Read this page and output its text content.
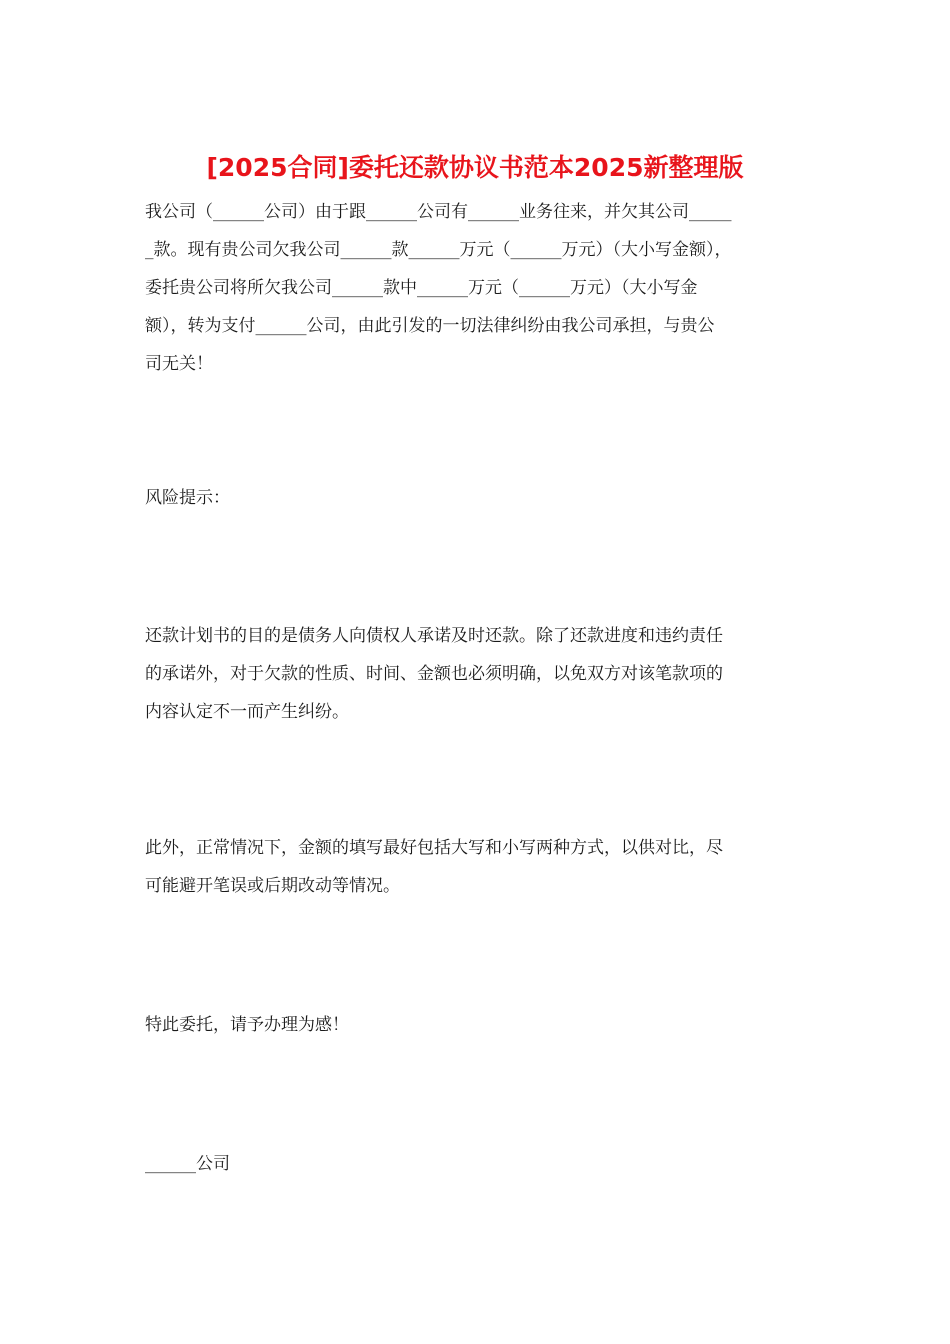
[2025合同]委托还款协议书范本2025新整理版

我公司（______公司）由于跟______公司有______业务往来，并欠其公司_____
_款。现有贵公司欠我公司______款______万元（______万元）（大小写金额），
委托贵公司将所欠我公司______款中______万元（______万元）（大小写金
额），转为支付______公司，由此引发的一切法律纠纷由我公司承担，与贵公
司无关！

风险提示：

还款计划书的目的是债务人向债权人承诺及时还款。除了还款进度和违约责任
的承诺外，对于欠款的性质、时间、金额也必须明确，以免双方对该笔款项的
内容认定不一而产生纠纷。

此外，正常情况下，金额的填写最好包括大写和小写两种方式，以供对比，尽
可能避开笔误或后期改动等情况。

特此委托，请予办理为感！

______公司
